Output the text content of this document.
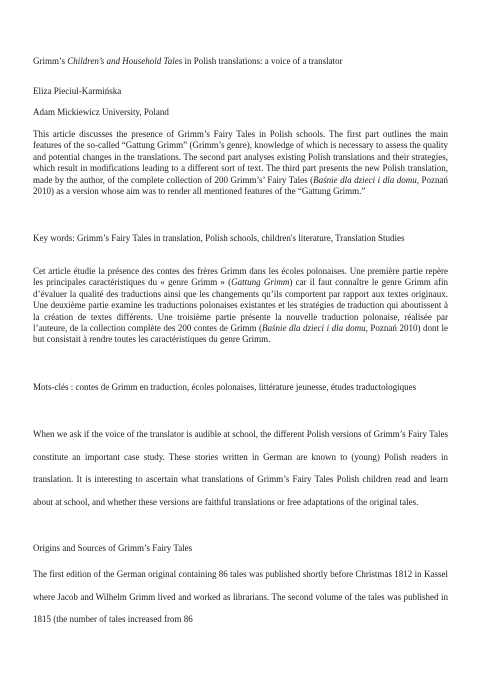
Grimm’s Children’s and Household Tales in Polish translations: a voice of a translator

Eliza Pieciul-Karmińska

Adam Mickiewicz University, Poland

This article discusses the presence of Grimm’s Fairy Tales in Polish schools. The first part outlines the main features of the so-called “Gattung Grimm” (Grimm’s genre), knowledge of which is necessary to assess the quality and potential changes in the translations. The second part analyses existing Polish translations and their strategies, which result in modifications leading to a different sort of text. The third part presents the new Polish translation, made by the author, of the complete collection of 200 Grimm’s’ Fairy Tales (Baśnie dla dzieci i dla domu, Poznań 2010) as a version whose aim was to render all mentioned features of the “Gattung Grimm.”

Key words: Grimm’s Fairy Tales in translation, Polish schools, children's literature, Translation Studies

Cet article étudie la présence des contes des frères Grimm dans les écoles polonaises. Une première partie repère les principales caractéristiques du « genre Grimm » (Gattung Grimm) car il faut connaître le genre Grimm afin d’évaluer la qualité des traductions ainsi que les changements qu’ils comportent par rapport aux textes originaux. Une deuxième partie examine les traductions polonaises existantes et les stratégies de traduction qui aboutissent à la création de textes différents. Une troisième partie présente la nouvelle traduction polonaise, réalisée par l’auteure, de la collection complète des 200 contes de Grimm (Baśnie dla dzieci i dla domu, Poznań 2010) dont le but consistait à rendre toutes les caractéristiques du genre Grimm.

Mots-clés : contes de Grimm en traduction, écoles polonaises, littérature jeunesse, études traductologiques

When we ask if the voice of the translator is audible at school, the different Polish versions of Grimm’s Fairy Tales constitute an important case study. These stories written in German are known to (young) Polish readers in translation. It is interesting to ascertain what translations of Grimm’s Fairy Tales Polish children read and learn about at school, and whether these versions are faithful translations or free adaptations of the original tales.

Origins and Sources of Grimm’s Fairy Tales

The first edition of the German original containing 86 tales was published shortly before Christmas 1812 in Kassel where Jacob and Wilhelm Grimm lived and worked as librarians. The second volume of the tales was published in 1815 (the number of tales increased from 86
